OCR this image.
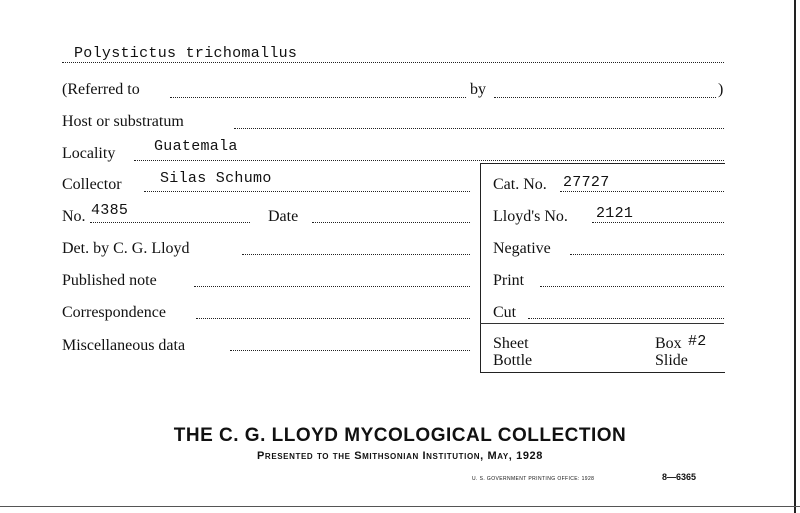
Polystictus trichomallus
(Referred to	by	)
Host or substratum
Locality	Guatemala
Collector	Silas Schumo
No. 4385	Date
Det. by C. G. Lloyd
Published note
Correspondence
Miscellaneous data
Cat. No. 27727
Lloyd's No. 2121
Negative
Print
Cut
Sheet	Box #2
Bottle	Slide
THE C. G. LLOYD MYCOLOGICAL COLLECTION
Presented to the Smithsonian Institution, May, 1928
U. S. GOVERNMENT PRINTING OFFICE: 1928	8—6365
